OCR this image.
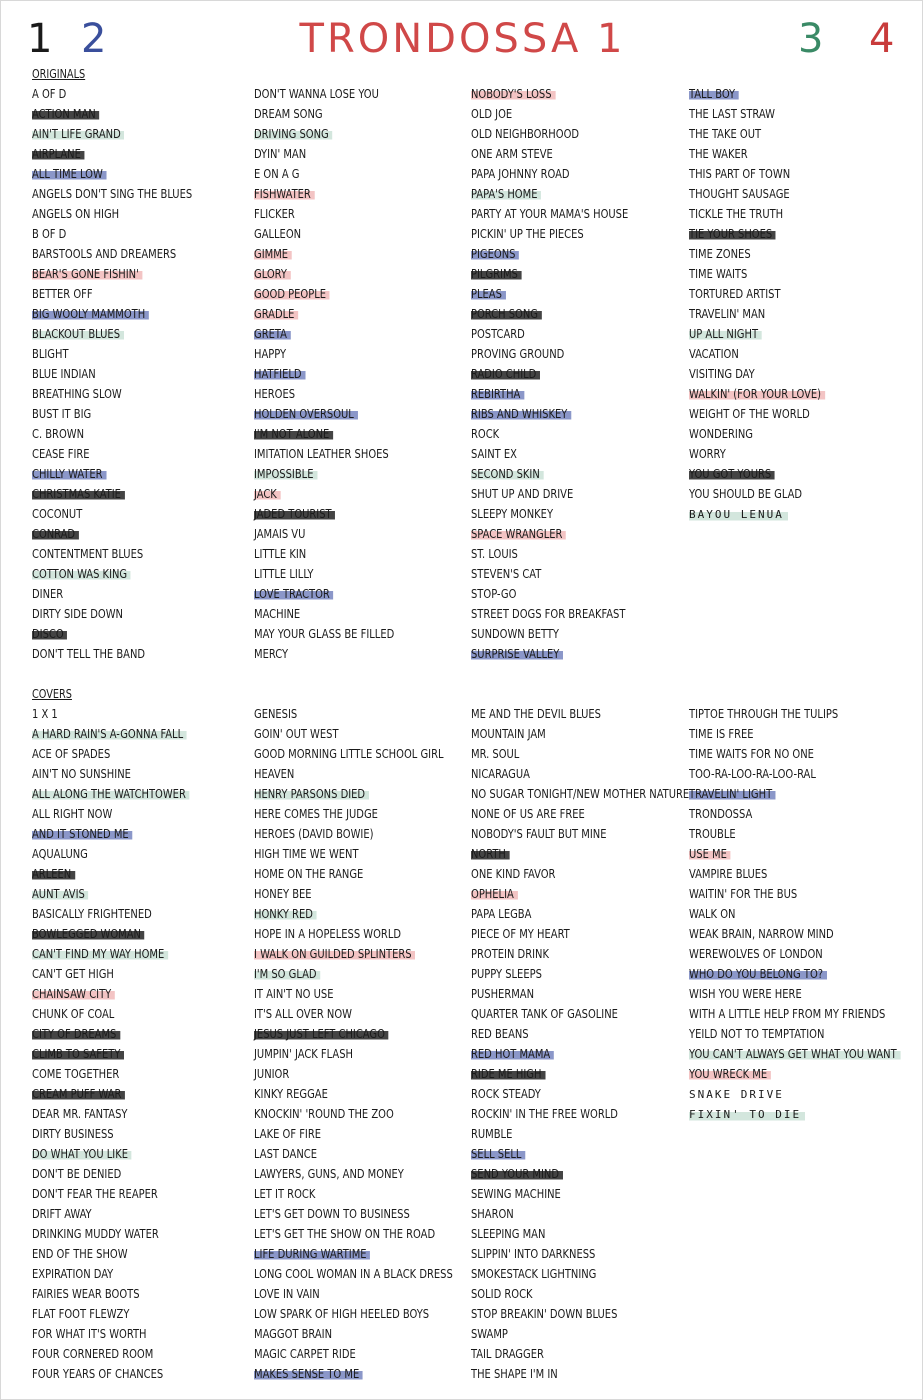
1 2	TRONDOSSA 1	3 4
ORIGINALS
A OF D
ACTION MAN
AIN'T LIFE GRAND
AIRPLANE
ALL TIME LOW
ANGELS DON'T SING THE BLUES
ANGELS ON HIGH
B OF D
BARSTOOLS AND DREAMERS
BEAR'S GONE FISHIN'
BETTER OFF
BIG WOOLY MAMMOTH
BLACKOUT BLUES
BLIGHT
BLUE INDIAN
BREATHING SLOW
BUST IT BIG
C. BROWN
CEASE FIRE
CHILLY WATER
CHRISTMAS KATIE
COCONUT
CONRAD
CONTENTMENT BLUES
COTTON WAS KING
DINER
DIRTY SIDE DOWN
DISCO
DON'T TELL THE BAND
DON'T WANNA LOSE YOU
DREAM SONG
DRIVING SONG
DYIN' MAN
E ON A G
FISHWATER
FLICKER
GALLEON
GIMME
GLORY
GOOD PEOPLE
GRADLE
GRETA
HAPPY
HATFIELD
HEROES
HOLDEN OVERSOUL
I'M NOT ALONE
IMITATION LEATHER SHOES
IMPOSSIBLE
JACK
JADED TOURIST
JAMAIS VU
LITTLE KIN
LITTLE LILLY
LOVE TRACTOR
MACHINE
MAY YOUR GLASS BE FILLED
MERCY
NOBODY'S LOSS
OLD JOE
OLD NEIGHBORHOOD
ONE ARM STEVE
PAPA JOHNNY ROAD
PAPA'S HOME
PARTY AT YOUR MAMA'S HOUSE
PICKIN' UP THE PIECES
PIGEONS
PILGRIMS
PLEAS
PORCH SONG
POSTCARD
PROVING GROUND
RADIO CHILD
REBIRTHA
RIBS AND WHISKEY
ROCK
SAINT EX
SECOND SKIN
SHUT UP AND DRIVE
SLEEPY MONKEY
SPACE WRANGLER
ST. LOUIS
STEVEN'S CAT
STOP-GO
STREET DOGS FOR BREAKFAST
SUNDOWN BETTY
SURPRISE VALLEY
TALL BOY
THE LAST STRAW
THE TAKE OUT
THE WAKER
THIS PART OF TOWN
THOUGHT SAUSAGE
TICKLE THE TRUTH
TIE YOUR SHOES
TIME ZONES
TIME WAITS
TORTURED ARTIST
TRAVELIN' MAN
UP ALL NIGHT
VACATION
VISITING DAY
WALKIN' (FOR YOUR LOVE)
WEIGHT OF THE WORLD
WONDERING
WORRY
YOU GOT YOURS
YOU SHOULD BE GLAD
BAYOU LENUA
COVERS
1 X 1
A HARD RAIN'S A-GONNA FALL
ACE OF SPADES
AIN'T NO SUNSHINE
ALL ALONG THE WATCHTOWER
ALL RIGHT NOW
AND IT STONED ME
AQUALUNG
ARLEEN
AUNT AVIS
BASICALLY FRIGHTENED
BOWLEGGED WOMAN
CAN'T FIND MY WAY HOME
CAN'T GET HIGH
CHAINSAW CITY
CHUNK OF COAL
CITY OF DREAMS
CLIMB TO SAFETY
COME TOGETHER
CREAM PUFF WAR
DEAR MR. FANTASY
DIRTY BUSINESS
DO WHAT YOU LIKE
DON'T BE DENIED
DON'T FEAR THE REAPER
DRIFT AWAY
DRINKING MUDDY WATER
END OF THE SHOW
EXPIRATION DAY
FAIRIES WEAR BOOTS
FLAT FOOT FLEWZY
FOR WHAT IT'S WORTH
FOUR CORNERED ROOM
FOUR YEARS OF CHANCES
GENESIS
GOIN' OUT WEST
GOOD MORNING LITTLE SCHOOL GIRL
HEAVEN
HENRY PARSONS DIED
HERE COMES THE JUDGE
HEROES (DAVID BOWIE)
HIGH TIME WE WENT
HOME ON THE RANGE
HONEY BEE
HONKY RED
HOPE IN A HOPELESS WORLD
I WALK ON GUILDED SPLINTERS
I'M SO GLAD
IT AIN'T NO USE
IT'S ALL OVER NOW
JESUS JUST LEFT CHICAGO
JUMPIN' JACK FLASH
JUNIOR
KINKY REGGAE
KNOCKIN' 'ROUND THE ZOO
LAKE OF FIRE
LAST DANCE
LAWYERS, GUNS, AND MONEY
LET IT ROCK
LET'S GET DOWN TO BUSINESS
LET'S GET THE SHOW ON THE ROAD
LIFE DURING WARTIME
LONG COOL WOMAN IN A BLACK DRESS
LOVE IN VAIN
LOW SPARK OF HIGH HEELED BOYS
MAGGOT BRAIN
MAGIC CARPET RIDE
MAKES SENSE TO ME
ME AND THE DEVIL BLUES
MOUNTAIN JAM
MR. SOUL
NICARAGUA
NO SUGAR TONIGHT/NEW MOTHER NATURE
NONE OF US ARE FREE
NOBODY'S FAULT BUT MINE
NORTH
ONE KIND FAVOR
OPHELIA
PAPA LEGBA
PIECE OF MY HEART
PROTEIN DRINK
PUPPY SLEEPS
PUSHERMAN
QUARTER TANK OF GASOLINE
RED BEANS
RED HOT MAMA
RIDE ME HIGH
ROCK STEADY
ROCKIN' IN THE FREE WORLD
RUMBLE
SELL SELL
SEND YOUR MIND
SEWING MACHINE
SHARON
SLEEPING MAN
SLIPPIN' INTO DARKNESS
SMOKESTACK LIGHTNING
SOLID ROCK
STOP BREAKIN' DOWN BLUES
SWAMP
TAIL DRAGGER
THE SHAPE I'M IN
TIPTOE THROUGH THE TULIPS
TIME IS FREE
TIME WAITS FOR NO ONE
TOO-RA-LOO-RA-LOO-RAL
TRAVELIN' LIGHT
TRONDOSSA
TROUBLE
USE ME
VAMPIRE BLUES
WAITIN' FOR THE BUS
WALK ON
WEAK BRAIN, NARROW MIND
WEREWOLVES OF LONDON
WHO DO YOU BELONG TO?
WISH YOU WERE HERE
WITH A LITTLE HELP FROM MY FRIENDS
YEILD NOT TO TEMPTATION
YOU CAN'T ALWAYS GET WHAT YOU WANT
YOU WRECK ME
SNAKE DRIVE
FIXIN' TO DIE
